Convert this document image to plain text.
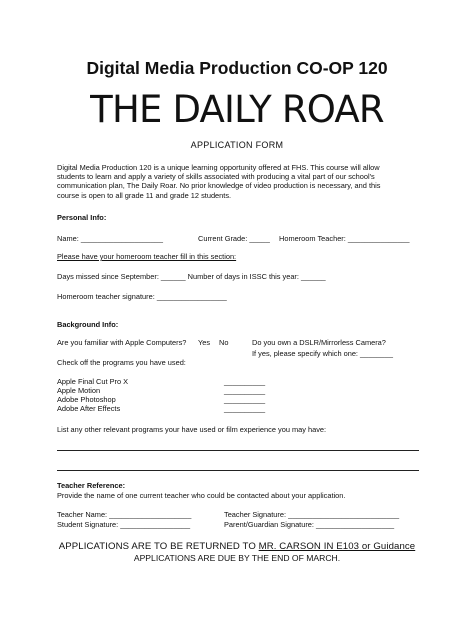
Digital Media Production CO-OP 120
THE DAILY ROAR
APPLICATION FORM
Digital Media Production 120 is a unique learning opportunity offered at FHS. This course will allow
students to learn and apply a variety of skills associated with producing a vital part of our school's
communication plan, The Daily Roar. No prior knowledge of video production is necessary, and this
course is open to all grade 11 and grade 12 students.
Personal Info:
Name: ____________________	Current Grade: _____ Homeroom Teacher: _______________
Please have your homeroom teacher fill in this section:
Days missed since September: ______ Number of days in ISSC this year: ______
Homeroom teacher signature: _________________
Background Info:
Are you familiar with Apple Computers? Yes No	Do you own a DSLR/Mirrorless Camera?
If yes, please specify which one: ________
Check off the programs you have used:
Apple Final Cut Pro X	__________
Apple Motion	__________
Adobe Photoshop	__________
Adobe After Effects	__________
List any other relevant programs your have used or film experience you may have:
Teacher Reference:
Provide the name of one current teacher who could be contacted about your application.
Teacher Name: ____________________	Teacher Signature: ___________________________
Student Signature: _________________	Parent/Guardian Signature: ___________________
APPLICATIONS ARE TO BE RETURNED TO MR. CARSON IN E103 or Guidance
APPLICATIONS ARE DUE BY THE END OF MARCH.
